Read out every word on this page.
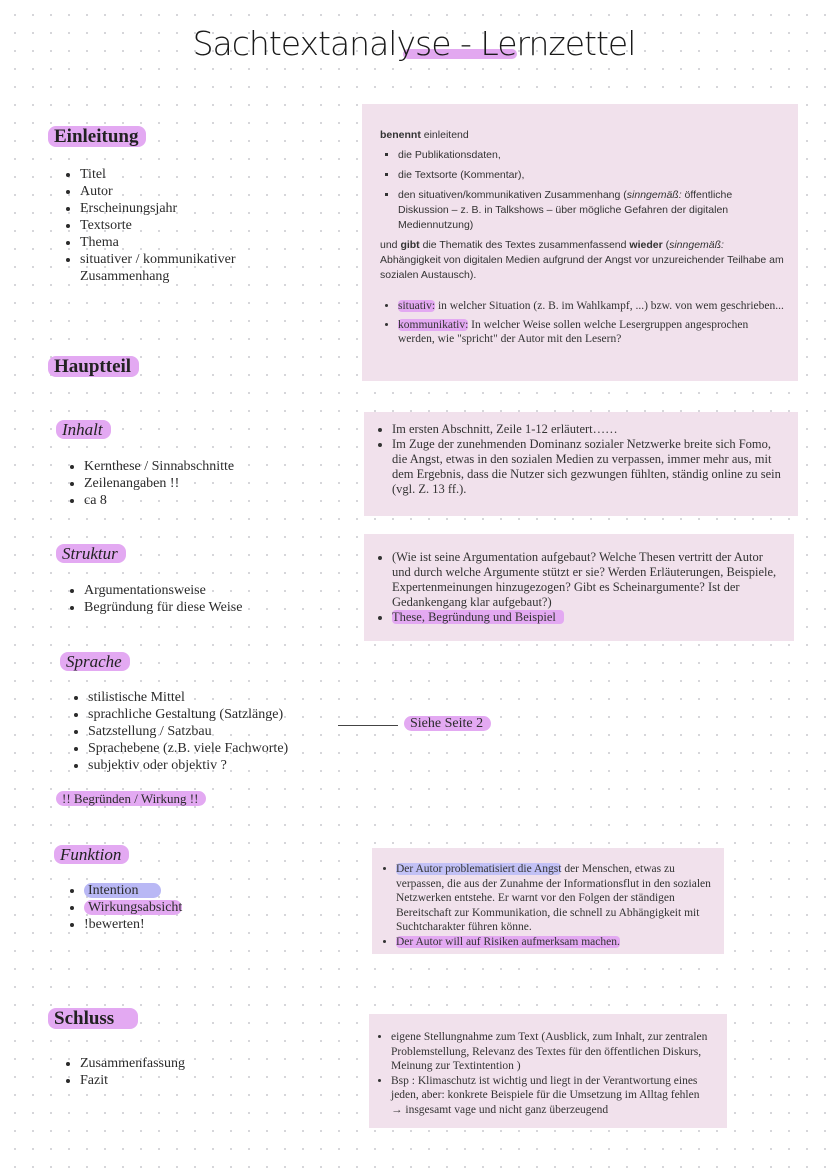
Sachtextanalyse - Lernzettel
Einleitung
• Titel
• Autor
• Erscheinungsjahr
• Textsorte
• Thema
• situativer / kommunikativer Zusammenhang
benennt einleitend
▪ die Publikationsdaten,
▪ die Textsorte (Kommentar),
▪ den situativen/kommunikativen Zusammenhang (sinngemäß: öffentliche Diskussion – z. B. in Talkshows – über mögliche Gefahren der digitalen Mediennutzung)
und gibt die Thematik des Textes zusammenfassend wieder (sinngemäß: Abhängigkeit von digitalen Medien aufgrund der Angst vor unzureichender Teilhabe am sozialen Austausch).
• situativ: in welcher Situation (z. B. im Wahlkampf, ...) bzw. von wem geschrieben...
• kommunikativ: In welcher Weise sollen welche Lesergruppen angesprochen werden, wie "spricht" der Autor mit den Lesern?
Hauptteil
Inhalt
• Kernthese / Sinnabschnitte
• Zeilenangaben !!
• ca 8
• Im ersten Abschnitt, Zeile 1-12 erläutert……
• Im Zuge der zunehmenden Dominanz sozialer Netzwerke breite sich Fomo, die Angst, etwas in den sozialen Medien zu verpassen, immer mehr aus, mit dem Ergebnis, dass die Nutzer sich gezwungen fühlten, ständig online zu sein (vgl. Z. 13 ff.).
Struktur
• Argumentationsweise
• Begründung für diese Weise
• (Wie ist seine Argumentation aufgebaut? Welche Thesen vertritt der Autor und durch welche Argumente stützt er sie? Werden Erläuterungen, Beispiele, Expertenmeinungen hinzugezogen? Gibt es Scheinargumente? Ist der Gedankengang klar aufgebaut?)
• These, Begründung und Beispiel
Sprache
• stilistische Mittel
• sprachliche Gestaltung (Satzlänge)
• Satzstellung / Satzbau
• Sprachebene (z.B. viele Fachworte)
• subjektiv oder objektiv ?
Siehe Seite 2
!! Begründen / Wirkung !!
Funktion
• Intention
• Wirkungsabsicht
• !bewerten!
• Der Autor problematisiert die Angst der Menschen, etwas zu verpassen, die aus der Zunahme der Informationsflut in den sozialen Netzwerken entstehe. Er warnt vor den Folgen der ständigen Bereitschaft zur Kommunikation, die schnell zu Abhängigkeit mit Suchtcharakter führen könne.
• Der Autor will auf Risiken aufmerksam machen.
Schluss
• Zusammenfassung
• Fazit
• eigene Stellungnahme zum Text (Ausblick, zum Inhalt, zur zentralen Problemstellung, Relevanz des Textes für den öffentlichen Diskurs, Meinung zur Textintention )
• Bsp : Klimaschutz ist wichtig und liegt in der Verantwortung eines jeden, aber: konkrete Beispiele für die Umsetzung im Alltag fehlen → insgesamt vage und nicht ganz überzeugend
